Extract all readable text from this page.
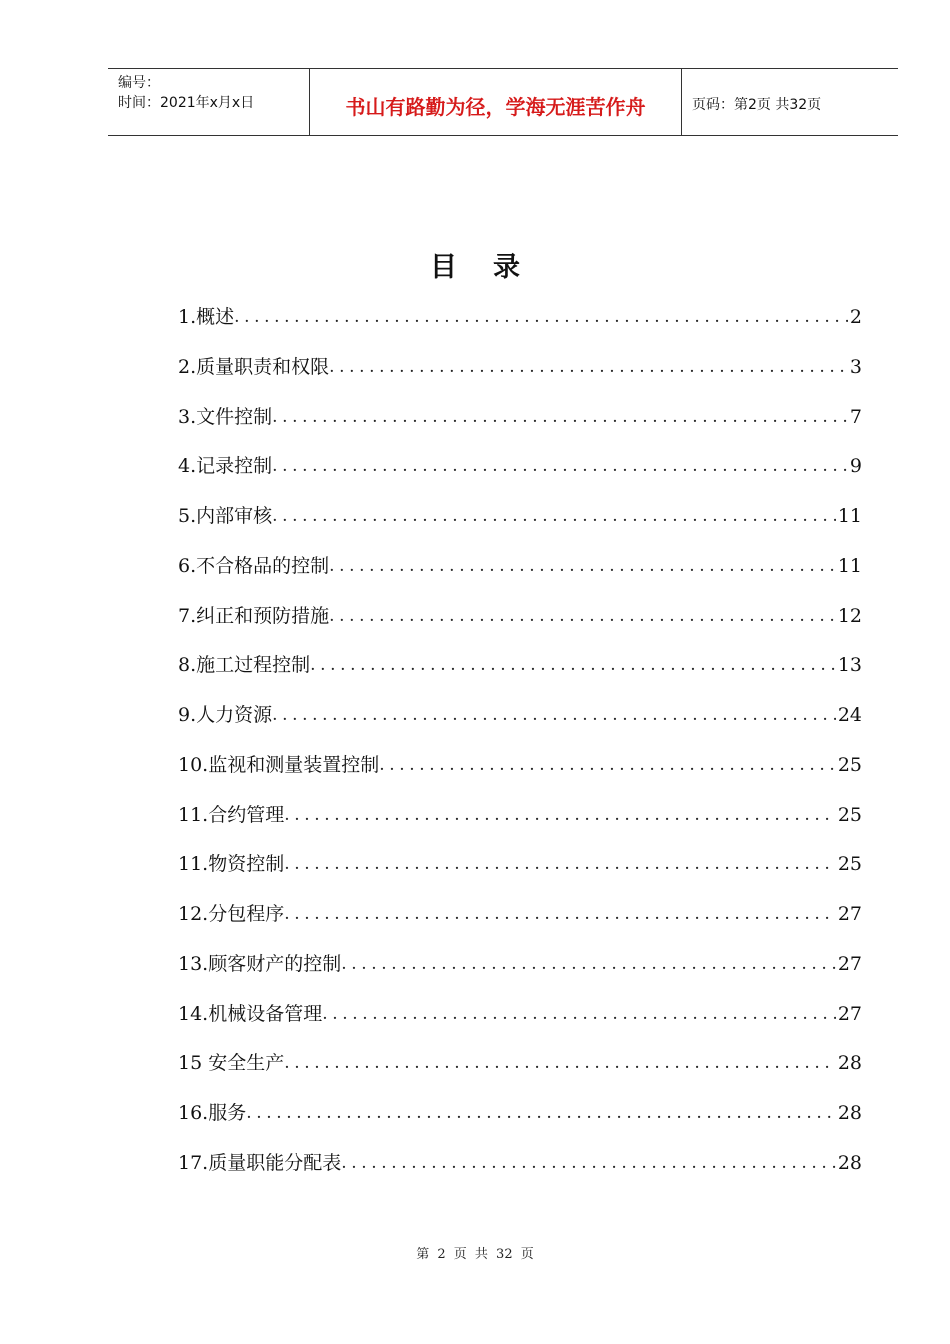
编号：
时间：2021年x月x日	书山有路勤为径，学海无涯苦作舟	页码：第2页 共32页
目录
1.概述 .....	2
2.质量职责和权限 .....	3
3.文件控制 .....	7
4.记录控制 .....	9
5.内部审核 .....	11
6.不合格品的控制 .....	11
7.纠正和预防措施 .....	12
8.施工过程控制 .....	13
9.人力资源 .....	24
10.监视和测量装置控制 .....	25
11.合约管理 .....	25
11.物资控制 .....	25
12.分包程序 .....	27
13.顾客财产的控制 .....	27
14.机械设备管理 .....	27
15 安全生产 .....	28
16.服务 .....	28
17.质量职能分配表 .....	28
第 2 页 共 32 页
